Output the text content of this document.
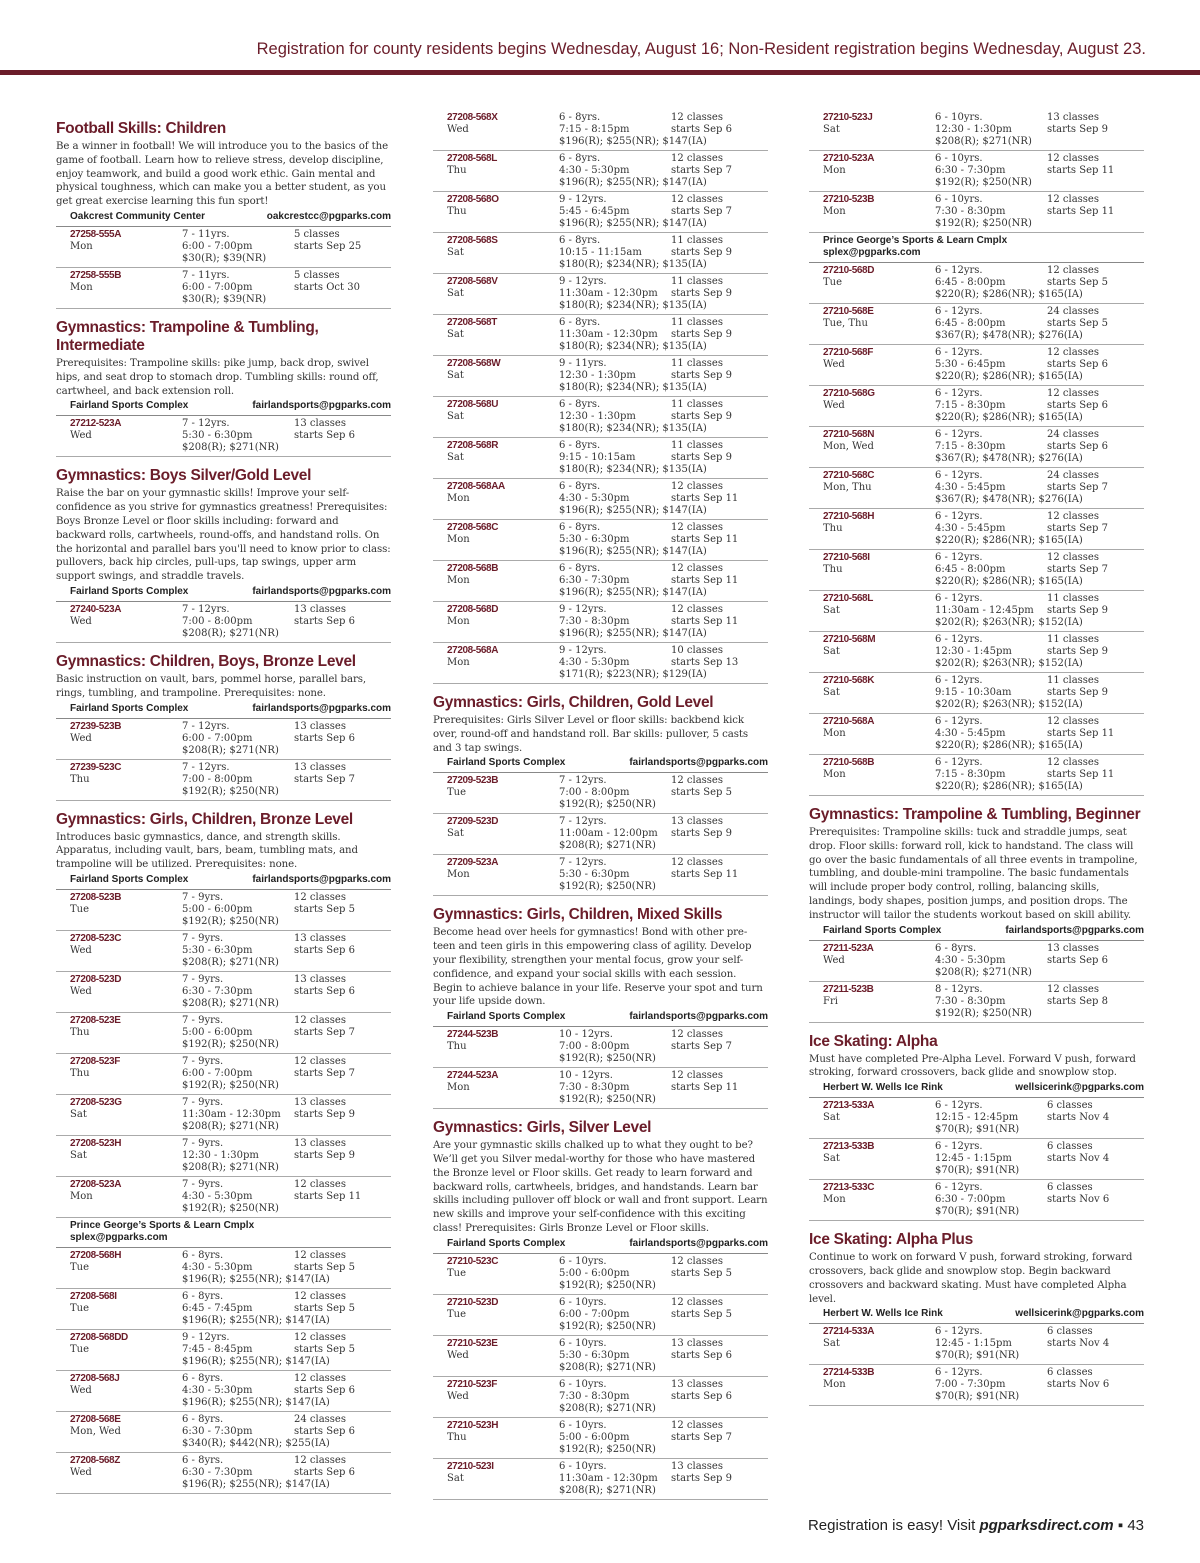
Registration for county residents begins Wednesday, August 16; Non-Resident registration begins Wednesday, August 23.
Football Skills: Children
Be a winner in football! We will introduce you to the basics of the game of football. Learn how to relieve stress, develop discipline, enjoy teamwork, and build a good work ethic. Gain mental and physical toughness, which can make you a better student, as you get great exercise learning this fun sport!
Oakcrest Community Center	oakcrestcc@pgparks.com
27258-555A	7 - 11yrs.	5 classes
Mon	6:00 - 7:00pm	starts Sep 25
$30(R); $39(NR)
27258-555B	7 - 11yrs.	5 classes
Mon	6:00 - 7:00pm	starts Oct 30
$30(R); $39(NR)
Gymnastics: Trampoline & Tumbling, Intermediate
Prerequisites: Trampoline skills: pike jump, back drop, swivel hips, and seat drop to stomach drop. Tumbling skills: round off, cartwheel, and back extension roll.
Fairland Sports Complex	fairlandsports@pgparks.com
27212-523A	7 - 12yrs.	13 classes
Wed	5:30 - 6:30pm	starts Sep 6
$208(R); $271(NR)
Gymnastics: Boys Silver/Gold Level
Raise the bar on your gymnastic skills! Improve your self-confidence as you strive for gymnastics greatness! Prerequisites: Boys Bronze Level or floor skills including: forward and backward rolls, cartwheels, round-offs, and handstand rolls. On the horizontal and parallel bars you'll need to know prior to class: pullovers, back hip circles, pull-ups, tap swings, upper arm support swings, and straddle travels.
Fairland Sports Complex	fairlandsports@pgparks.com
27240-523A	7 - 12yrs.	13 classes
Wed	7:00 - 8:00pm	starts Sep 6
$208(R); $271(NR)
Gymnastics: Children, Boys, Bronze Level
Basic instruction on vault, bars, pommel horse, parallel bars, rings, tumbling, and trampoline. Prerequisites: none.
Fairland Sports Complex	fairlandsports@pgparks.com
27239-523B	7 - 12yrs.	13 classes
Wed	6:00 - 7:00pm	starts Sep 6
$208(R); $271(NR)
27239-523C	7 - 12yrs.	13 classes
Thu	7:00 - 8:00pm	starts Sep 7
$192(R); $250(NR)
Gymnastics: Girls, Children, Bronze Level
Introduces basic gymnastics, dance, and strength skills. Apparatus, including vault, bars, beam, tumbling mats, and trampoline will be utilized. Prerequisites: none.
Fairland Sports Complex	fairlandsports@pgparks.com
27208-523B	7 - 9yrs.	12 classes
Tue	5:00 - 6:00pm	starts Sep 5
$192(R); $250(NR)
27208-523C	7 - 9yrs.	13 classes
Wed	5:30 - 6:30pm	starts Sep 6
$208(R); $271(NR)
27208-523D	7 - 9yrs.	13 classes
Wed	6:30 - 7:30pm	starts Sep 6
$208(R); $271(NR)
27208-523E	7 - 9yrs.	12 classes
Thu	5:00 - 6:00pm	starts Sep 7
$192(R); $250(NR)
27208-523F	7 - 9yrs.	12 classes
Thu	6:00 - 7:00pm	starts Sep 7
$192(R); $250(NR)
27208-523G	7 - 9yrs.	13 classes
Sat	11:30am - 12:30pm	starts Sep 9
$208(R); $271(NR)
27208-523H	7 - 9yrs.	13 classes
Sat	12:30 - 1:30pm	starts Sep 9
$208(R); $271(NR)
27208-523A	7 - 9yrs.	12 classes
Mon	4:30 - 5:30pm	starts Sep 11
$192(R); $250(NR)
Prince George’s Sports & Learn Cmplx
splex@pgparks.com
27208-568H	6 - 8yrs.	12 classes
Tue	4:30 - 5:30pm	starts Sep 5
$196(R); $255(NR); $147(IA)
27208-568I	6 - 8yrs.	12 classes
Tue	6:45 - 7:45pm	starts Sep 5
$196(R); $255(NR); $147(IA)
27208-568DD	9 - 12yrs.	12 classes
Tue	7:45 - 8:45pm	starts Sep 5
$196(R); $255(NR); $147(IA)
27208-568J	6 - 8yrs.	12 classes
Wed	4:30 - 5:30pm	starts Sep 6
$196(R); $255(NR); $147(IA)
27208-568E	6 - 8yrs.	24 classes
Mon, Wed	6:30 - 7:30pm	starts Sep 6
$340(R); $442(NR); $255(IA)
27208-568Z	6 - 8yrs.	12 classes
Wed	6:30 - 7:30pm	starts Sep 6
$196(R); $255(NR); $147(IA)
27208-568X	6 - 8yrs.	12 classes
Wed	7:15 - 8:15pm	starts Sep 6
$196(R); $255(NR); $147(IA)
27208-568L	6 - 8yrs.	12 classes
Thu	4:30 - 5:30pm	starts Sep 7
$196(R); $255(NR); $147(IA)
27208-568O	9 - 12yrs.	12 classes
Thu	5:45 - 6:45pm	starts Sep 7
$196(R); $255(NR); $147(IA)
27208-568S	6 - 8yrs.	11 classes
Sat	10:15 - 11:15am	starts Sep 9
$180(R); $234(NR); $135(IA)
27208-568V	9 - 12yrs.	11 classes
Sat	11:30am - 12:30pm	starts Sep 9
$180(R); $234(NR); $135(IA)
27208-568T	6 - 8yrs.	11 classes
Sat	11:30am - 12:30pm	starts Sep 9
$180(R); $234(NR); $135(IA)
27208-568W	9 - 11yrs.	11 classes
Sat	12:30 - 1:30pm	starts Sep 9
$180(R); $234(NR); $135(IA)
27208-568U	6 - 8yrs.	11 classes
Sat	12:30 - 1:30pm	starts Sep 9
$180(R); $234(NR); $135(IA)
27208-568R	6 - 8yrs.	11 classes
Sat	9:15 - 10:15am	starts Sep 9
$180(R); $234(NR); $135(IA)
27208-568AA	6 - 8yrs.	12 classes
Mon	4:30 - 5:30pm	starts Sep 11
$196(R); $255(NR); $147(IA)
27208-568C	6 - 8yrs.	12 classes
Mon	5:30 - 6:30pm	starts Sep 11
$196(R); $255(NR); $147(IA)
27208-568B	6 - 8yrs.	12 classes
Mon	6:30 - 7:30pm	starts Sep 11
$196(R); $255(NR); $147(IA)
27208-568D	9 - 12yrs.	12 classes
Mon	7:30 - 8:30pm	starts Sep 11
$196(R); $255(NR); $147(IA)
27208-568A	9 - 12yrs.	10 classes
Mon	4:30 - 5:30pm	starts Sep 13
$171(R); $223(NR); $129(IA)
Gymnastics: Girls, Children, Gold Level
Prerequisites: Girls Silver Level or floor skills: backbend kick over, round-off and handstand roll. Bar skills: pullover, 5 casts and 3 tap swings.
Fairland Sports Complex	fairlandsports@pgparks.com
27209-523B	7 - 12yrs.	12 classes
Tue	7:00 - 8:00pm	starts Sep 5
$192(R); $250(NR)
27209-523D	7 - 12yrs.	13 classes
Sat	11:00am - 12:00pm	starts Sep 9
$208(R); $271(NR)
27209-523A	7 - 12yrs.	12 classes
Mon	5:30 - 6:30pm	starts Sep 11
$192(R); $250(NR)
Gymnastics: Girls, Children, Mixed Skills
Become head over heels for gymnastics! Bond with other pre-teen and teen girls in this empowering class of agility. Develop your flexibility, strengthen your mental focus, grow your self-confidence, and expand your social skills with each session. Begin to achieve balance in your life. Reserve your spot and turn your life upside down.
Fairland Sports Complex	fairlandsports@pgparks.com
27244-523B	10 - 12yrs.	12 classes
Thu	7:00 - 8:00pm	starts Sep 7
$192(R); $250(NR)
27244-523A	10 - 12yrs.	12 classes
Mon	7:30 - 8:30pm	starts Sep 11
$192(R); $250(NR)
Gymnastics: Girls, Silver Level
Are your gymnastic skills chalked up to what they ought to be? We’ll get you Silver medal-worthy for those who have mastered the Bronze level or Floor skills. Get ready to learn forward and backward rolls, cartwheels, bridges, and handstands. Learn bar skills including pullover off block or wall and front support. Learn new skills and improve your self-confidence with this exciting class! Prerequisites: Girls Bronze Level or Floor skills.
Fairland Sports Complex	fairlandsports@pgparks.com
27210-523C	6 - 10yrs.	12 classes
Tue	5:00 - 6:00pm	starts Sep 5
$192(R); $250(NR)
27210-523D	6 - 10yrs.	12 classes
Tue	6:00 - 7:00pm	starts Sep 5
$192(R); $250(NR)
27210-523E	6 - 10yrs.	13 classes
Wed	5:30 - 6:30pm	starts Sep 6
$208(R); $271(NR)
27210-523F	6 - 10yrs.	13 classes
Wed	7:30 - 8:30pm	starts Sep 6
$208(R); $271(NR)
27210-523H	6 - 10yrs.	12 classes
Thu	5:00 - 6:00pm	starts Sep 7
$192(R); $250(NR)
27210-523I	6 - 10yrs.	13 classes
Sat	11:30am - 12:30pm	starts Sep 9
$208(R); $271(NR)
27210-523J	6 - 10yrs.	13 classes
Sat	12:30 - 1:30pm	starts Sep 9
$208(R); $271(NR)
27210-523A	6 - 10yrs.	12 classes
Mon	6:30 - 7:30pm	starts Sep 11
$192(R); $250(NR)
27210-523B	6 - 10yrs.	12 classes
Mon	7:30 - 8:30pm	starts Sep 11
$192(R); $250(NR)
Prince George’s Sports & Learn Cmplx
splex@pgparks.com
27210-568D	6 - 12yrs.	12 classes
Tue	6:45 - 8:00pm	starts Sep 5
$220(R); $286(NR); $165(IA)
27210-568E	6 - 12yrs.	24 classes
Tue, Thu	6:45 - 8:00pm	starts Sep 5
$367(R); $478(NR); $276(IA)
27210-568F	6 - 12yrs.	12 classes
Wed	5:30 - 6:45pm	starts Sep 6
$220(R); $286(NR); $165(IA)
27210-568G	6 - 12yrs.	12 classes
Wed	7:15 - 8:30pm	starts Sep 6
$220(R); $286(NR); $165(IA)
27210-568N	6 - 12yrs.	24 classes
Mon, Wed	7:15 - 8:30pm	starts Sep 6
$367(R); $478(NR); $276(IA)
27210-568C	6 - 12yrs.	24 classes
Mon, Thu	4:30 - 5:45pm	starts Sep 7
$367(R); $478(NR); $276(IA)
27210-568H	6 - 12yrs.	12 classes
Thu	4:30 - 5:45pm	starts Sep 7
$220(R); $286(NR); $165(IA)
27210-568I	6 - 12yrs.	12 classes
Thu	6:45 - 8:00pm	starts Sep 7
$220(R); $286(NR); $165(IA)
27210-568L	6 - 12yrs.	11 classes
Sat	11:30am - 12:45pm	starts Sep 9
$202(R); $263(NR); $152(IA)
27210-568M	6 - 12yrs.	11 classes
Sat	12:30 - 1:45pm	starts Sep 9
$202(R); $263(NR); $152(IA)
27210-568K	6 - 12yrs.	11 classes
Sat	9:15 - 10:30am	starts Sep 9
$202(R); $263(NR); $152(IA)
27210-568A	6 - 12yrs.	12 classes
Mon	4:30 - 5:45pm	starts Sep 11
$220(R); $286(NR); $165(IA)
27210-568B	6 - 12yrs.	12 classes
Mon	7:15 - 8:30pm	starts Sep 11
$220(R); $286(NR); $165(IA)
Gymnastics: Trampoline & Tumbling, Beginner
Prerequisites: Trampoline skills: tuck and straddle jumps, seat drop. Floor skills: forward roll, kick to handstand. The class will go over the basic fundamentals of all three events in trampoline, tumbling, and double-mini trampoline. The basic fundamentals will include proper body control, rolling, balancing skills, landings, body shapes, position jumps, and position drops. The instructor will tailor the students workout based on skill ability.
Fairland Sports Complex	fairlandsports@pgparks.com
27211-523A	6 - 8yrs.	13 classes
Wed	4:30 - 5:30pm	starts Sep 6
$208(R); $271(NR)
27211-523B	8 - 12yrs.	12 classes
Fri	7:30 - 8:30pm	starts Sep 8
$192(R); $250(NR)
Ice Skating: Alpha
Must have completed Pre-Alpha Level. Forward V push, forward stroking, forward crossovers, back glide and snowplow stop.
Herbert W. Wells Ice Rink	wellsicerink@pgparks.com
27213-533A	6 - 12yrs.	6 classes
Sat	12:15 - 12:45pm	starts Nov 4
$70(R); $91(NR)
27213-533B	6 - 12yrs.	6 classes
Sat	12:45 - 1:15pm	starts Nov 4
$70(R); $91(NR)
27213-533C	6 - 12yrs.	6 classes
Mon	6:30 - 7:00pm	starts Nov 6
$70(R); $91(NR)
Ice Skating: Alpha Plus
Continue to work on forward V push, forward stroking, forward crossovers, back glide and snowplow stop. Begin backward crossovers and backward skating. Must have completed Alpha level.
Herbert W. Wells Ice Rink	wellsicerink@pgparks.com
27214-533A	6 - 12yrs.	6 classes
Sat	12:45 - 1:15pm	starts Nov 4
$70(R); $91(NR)
27214-533B	6 - 12yrs.	6 classes
Mon	7:00 - 7:30pm	starts Nov 6
$70(R); $91(NR)
Registration is easy! Visit pgparksdirect.com ▪ 43
